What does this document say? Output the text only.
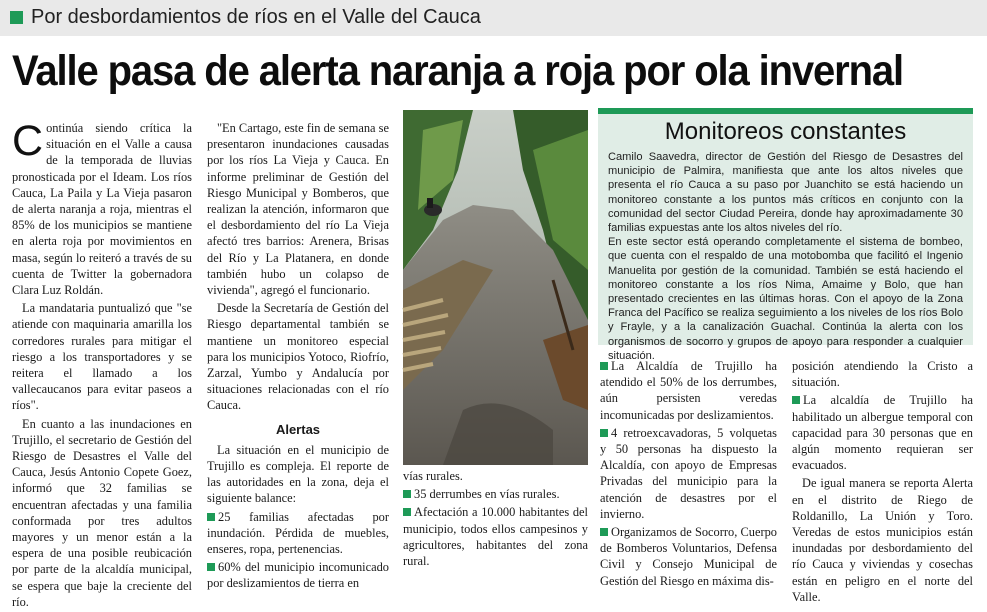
Por desbordamientos de ríos en el Valle del Cauca
Valle pasa de alerta naranja a roja por ola invernal

Continúa siendo crítica la situación en el Valle a causa de la temporada de lluvias pronosticada por el Ideam. Los ríos Cauca, La Paila y La Vieja pasaron de alerta naranja a roja, mientras el 85% de los municipios se mantiene en alerta roja por movimientos en masa, según lo reiteró a través de su cuenta de Twitter la gobernadora Clara Luz Roldán.

La mandataria puntualizó que "se atiende con maquinaria amarilla los corredores rurales para mitigar el riesgo a los transportadores y se reitera el llamado a los vallecaucanos para evitar paseos a ríos".

En cuanto a las inundaciones en Trujillo, el secretario de Gestión del Riesgo de Desastres el Valle del Cauca, Jesús Antonio Copete Goez, informó que 32 familias se encuentran afectadas y una familia conformada por tres adultos mayores y un menor están a la espera de una posible reubicación por parte de la alcaldía municipal, se espera que baje la creciente del río.

"En Cartago, este fin de semana se presentaron inundaciones causadas por los ríos La Vieja y Cauca. En informe preliminar de Gestión del Riesgo Municipal y Bomberos, que realizan la atención, informaron que el desbordamiento del río La Vieja afectó tres barrios: Arenera, Brisas del Río y La Platanera, en donde también hubo un colapso de vivienda", agregó el funcionario.

Desde la Secretaría de Gestión del Riesgo departamental también se mantiene un monitoreo especial para los municipios Yotoco, Riofrío, Zarzal, Yumbo y Andalucía por situaciones relacionadas con el río Cauca.

Alertas

La situación en el municipio de Trujillo es compleja. El reporte de las autoridades en la zona, deja el siguiente balance:

25 familias afectadas por inundación. Pérdida de muebles, enseres, ropa, pertenencias.

60% del municipio incomunicado por deslizamientos de tierra en

vías rurales.

35 derrumbes en vías rurales.

Afectación a 10.000 habitantes del municipio, todos ellos campesinos y agricultores, habitantes del zona rural.

Monitoreos constantes

Camilo Saavedra, director de Gestión del Riesgo de Desastres del municipio de Palmira, manifiesta que ante los altos niveles que presenta el río Cauca a su paso por Juanchito se está haciendo un monitoreo constante a los puntos más críticos en conjunto con la comunidad del sector Ciudad Pereira, donde hay aproximadamente 30 familias expuestas ante los altos niveles del río.

En este sector está operando completamente el sistema de bombeo, que cuenta con el respaldo de una motobomba que facilitó el Ingenio Manuelita por gestión de la comunidad. También se está haciendo el monitoreo constante a los ríos Nima, Amaime y Bolo, que han presentado crecientes en las últimas horas. Con el apoyo de la Zona Franca del Pacífico se realiza seguimiento a los niveles de los ríos Bolo y Frayle, y a la canalización Guachal. Continúa la alerta con los organismos de socorro y grupos de apoyo para responder a cualquier situación.

La Alcaldía de Trujillo ha atendido el 50% de los derrumbes, aún persisten veredas incomunicadas por deslizamientos.

4 retroexcavadoras, 5 volquetas y 50 personas ha dispuesto la Alcaldía, con apoyo de Empresas Privadas del municipio para la atención de desastres por el invierno.

Organizamos de Socorro, Cuerpo de Bomberos Voluntarios, Defensa Civil y Consejo Municipal de Gestión del Riesgo en máxima dis-

posición atendiendo la Cristo a situación.

La alcaldía de Trujillo ha habilitado un albergue temporal con capacidad para 30 personas que en algún momento requieran ser evacuados.

De igual manera se reporta Alerta en el distrito de Riego de Roldanillo, La Unión y Toro. Veredas de estos municipios están inundadas por desbordamiento del río Cauca y viviendas y cosechas están en peligro en el norte del Valle.
